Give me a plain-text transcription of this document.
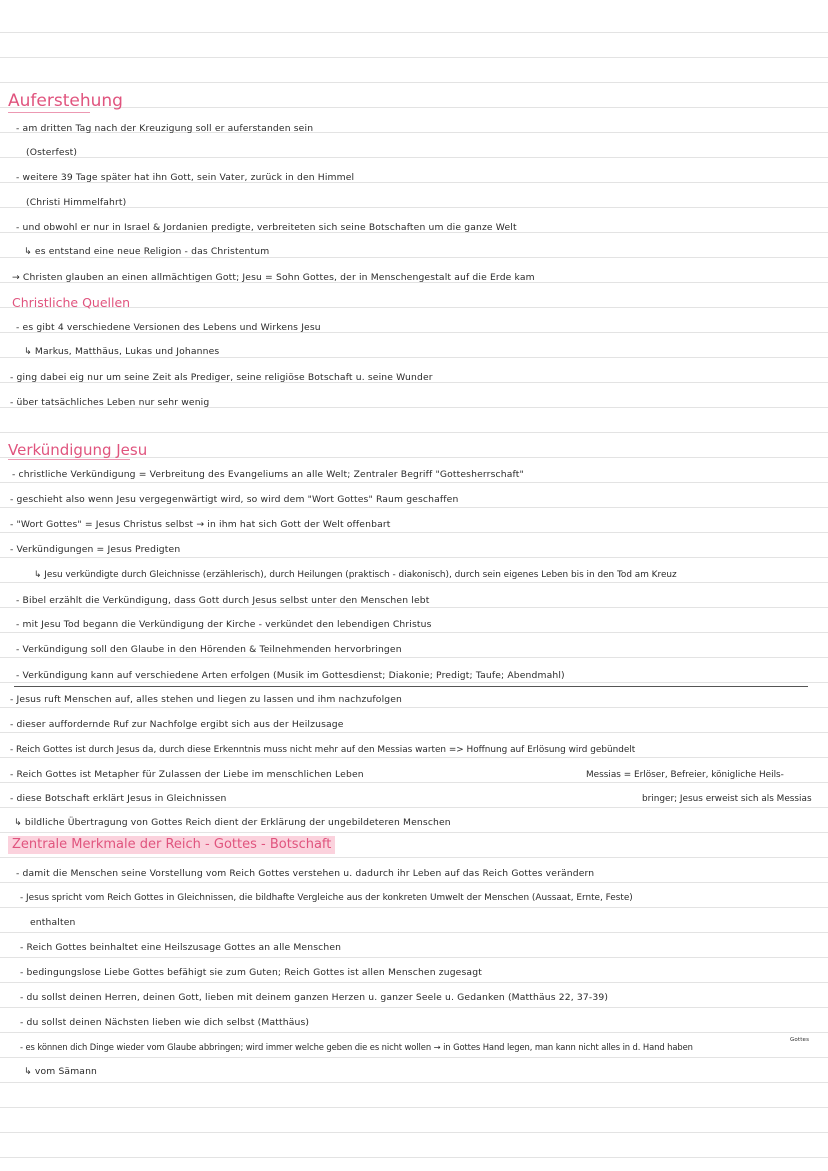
Auferstehung
- am dritten Tag nach der Kreuzigung soll er auferstanden sein
(Osterfest)
- weitere 39 Tage später hat ihn Gott, sein Vater, zurück in den Himmel
(Christi Himmelfahrt)
- und obwohl er nur in Israel & Jordanien predigte, verbreiteten sich seine Botschaften um die ganze Welt
↳ es entstand eine neue Religion - das Christentum
→ Christen glauben an einen allmächtigen Gott; Jesu = Sohn Gottes, der in Menschengestalt auf die Erde kam
Christliche Quellen
- es gibt 4 verschiedene Versionen des Lebens und Wirkens Jesu
↳ Markus, Matthäus, Lukas und Johannes
- ging dabei eig nur um seine Zeit als Prediger, seine religiöse Botschaft u. seine Wunder
- über tatsächliches Leben nur sehr wenig
Verkündigung Jesu
- christliche Verkündigung = Verbreitung des Evangeliums an alle Welt; Zentraler Begriff "Gottesherrschaft"
- geschieht also wenn Jesu vergegenwärtigt wird, so wird dem "Wort Gottes" Raum geschaffen
- "Wort Gottes" = Jesus Christus selbst → in ihm hat sich Gott der Welt offenbart
- Verkündigungen = Jesus Predigten
↳ Jesu verkündigte durch Gleichnisse (erzählerisch), durch Heilungen (praktisch - diakonisch), durch sein eigenes Leben bis in den Tod am Kreuz
- Bibel erzählt die Verkündigung, dass Gott durch Jesus selbst unter den Menschen lebt
- mit Jesu Tod begann die Verkündigung der Kirche - verkündet den lebendigen Christus
- Verkündigung soll den Glaube in den Hörenden & Teilnehmenden hervorbringen
- Verkündigung kann auf verschiedene Arten erfolgen (Musik im Gottesdienst; Diakonie; Predigt; Taufe; Abendmahl)
- Jesus ruft Menschen auf, alles stehen und liegen zu lassen und ihm nachzufolgen
- dieser auffordernde Ruf zur Nachfolge ergibt sich aus der Heilzusage
- Reich Gottes ist durch Jesus da, durch diese Erkenntnis muss nicht mehr auf den Messias warten => Hoffnung auf Erlösung wird gebündelt
- Reich Gottes ist Metapher für Zulassen der Liebe im menschlichen Leben
- diese Botschaft erklärt Jesus in Gleichnissen
Messias = Erlöser, Befreier, königliche Heils-
bringer; Jesus erweist sich als Messias
↳ bildliche Übertragung von Gottes Reich dient der Erklärung der ungebildeteren Menschen
Zentrale Merkmale der Reich - Gottes - Botschaft
- damit die Menschen seine Vorstellung vom Reich Gottes verstehen u. dadurch ihr Leben auf das Reich Gottes verändern
- Jesus spricht vom Reich Gottes in Gleichnissen, die bildhafte Vergleiche aus der konkreten Umwelt der Menschen (Aussaat, Ernte, Feste)
enthalten
- Reich Gottes beinhaltet eine Heilszusage Gottes an alle Menschen
- bedingungslose Liebe Gottes befähigt sie zum Guten; Reich Gottes ist allen Menschen zugesagt
- du sollst deinen Herren, deinen Gott, lieben mit deinem ganzen Herzen u. ganzer Seele u. Gedanken (Matthäus 22, 37-39)
- du sollst deinen Nächsten lieben wie dich selbst (Matthäus)
Gottes
- es können dich Dinge wieder vom Glaube abbringen; wird immer welche geben die es nicht wollen → in Gottes Hand legen, man kann nicht alles in d. Hand haben
↳ vom Sämann
